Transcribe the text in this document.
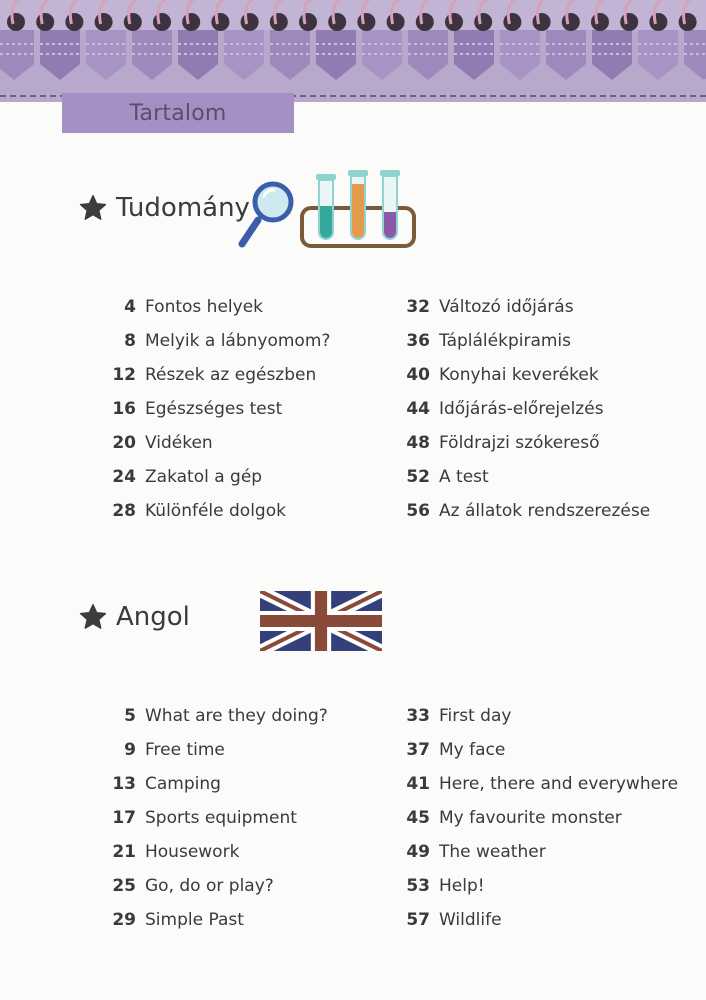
Tartalom
Tudomány
4 Fontos helyek
8 Melyik a lábnyomom?
12 Részek az egészben
16 Egészséges test
20 Vidéken
24 Zakatol a gép
28 Különféle dolgok
32 Változó időjárás
36 Táplálékpiramis
40 Konyhai keverékek
44 Időjárás-előrejelzés
48 Földrajzi szókereső
52 A test
56 Az állatok rendszerezése
Angol
5 What are they doing?
9 Free time
13 Camping
17 Sports equipment
21 Housework
25 Go, do or play?
29 Simple Past
33 First day
37 My face
41 Here, there and everywhere
45 My favourite monster
49 The weather
53 Help!
57 Wildlife
